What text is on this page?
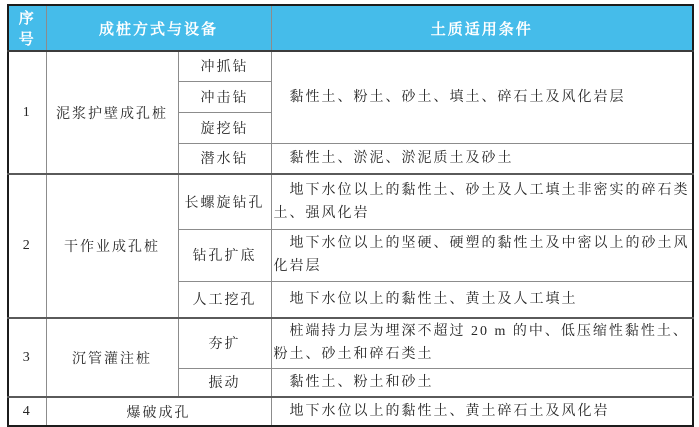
序号	成桩方式与设备		土质适用条件
1	泥浆护壁成孔桩	冲抓钻	黏性土、粉土、砂土、填土、碎石土及风化岩层
		冲击钻	
		旋挖钻	
		潜水钻	黏性土、淤泥、淤泥质土及砂土
2	干作业成孔桩	长螺旋钻孔	地下水位以上的黏性土、砂土及人工填土非密实的碎石类土、强风化岩
		钻孔扩底	地下水位以上的坚硬、硬塑的黏性土及中密以上的砂土风化岩层
		人工挖孔	地下水位以上的黏性土、黄土及人工填土
3	沉管灌注桩	夯扩	桩端持力层为埋深不超过 20 m 的中、低压缩性黏性土、粉土、砂土和碎石类土
		振动	黏性土、粉土和砂土
4	爆破成孔		地下水位以上的黏性土、黄土碎石土及风化岩
